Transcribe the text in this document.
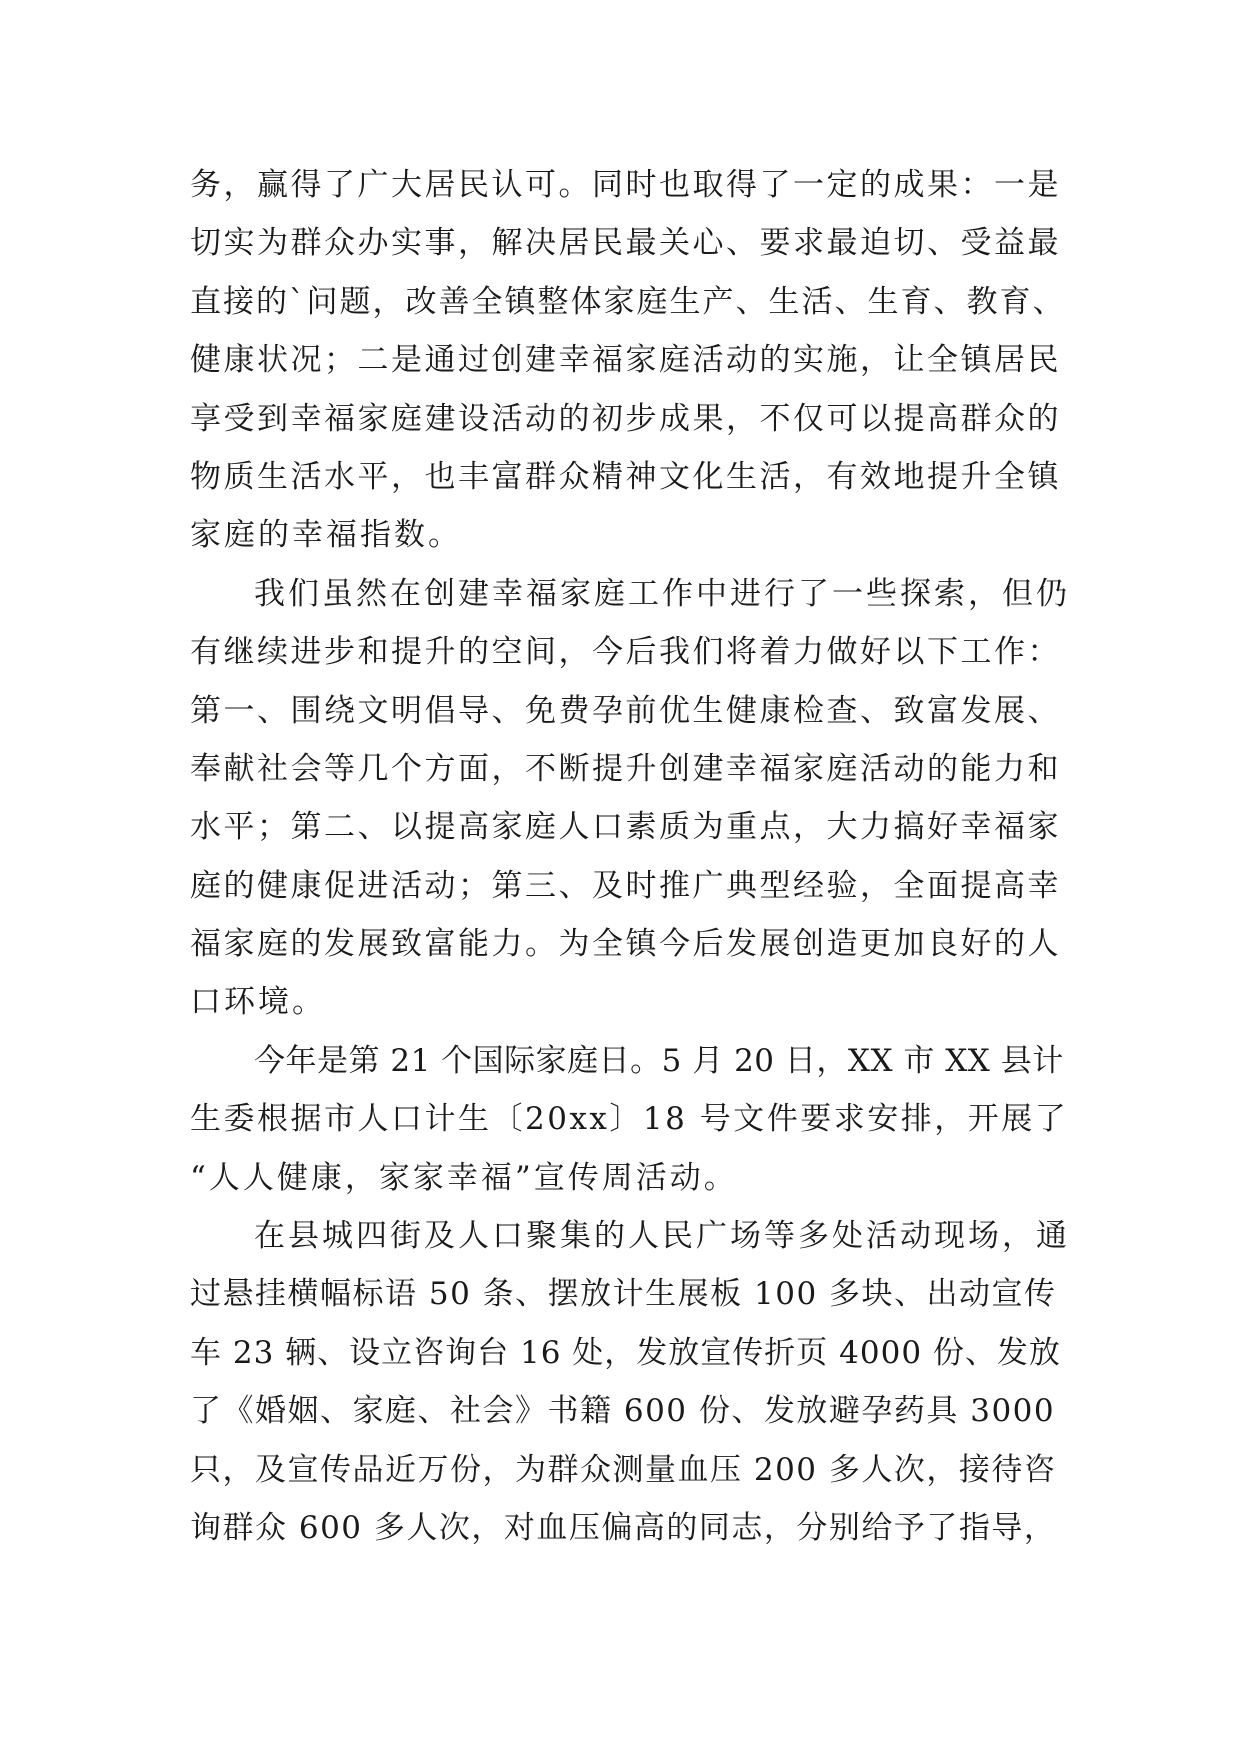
务，赢得了广大居民认可。同时也取得了一定的成果：一是
切实为群众办实事，解决居民最关心、要求最迫切、受益最
直接的`问题，改善全镇整体家庭生产、生活、生育、教育、
健康状况；二是通过创建幸福家庭活动的实施，让全镇居民
享受到幸福家庭建设活动的初步成果，不仅可以提高群众的
物质生活水平，也丰富群众精神文化生活，有效地提升全镇
家庭的幸福指数。
我们虽然在创建幸福家庭工作中进行了一些探索，但仍
有继续进步和提升的空间，今后我们将着力做好以下工作：
第一、围绕文明倡导、免费孕前优生健康检查、致富发展、
奉献社会等几个方面，不断提升创建幸福家庭活动的能力和
水平；第二、以提高家庭人口素质为重点，大力搞好幸福家
庭的健康促进活动；第三、及时推广典型经验，全面提高幸
福家庭的发展致富能力。为全镇今后发展创造更加良好的人
口环境。
今年是第 21 个国际家庭日。5 月 20 日，XX 市 XX 县计
生委根据市人口计生〔20xx〕18 号文件要求安排，开展了
“人人健康，家家幸福”宣传周活动。
在县城四街及人口聚集的人民广场等多处活动现场，通
过悬挂横幅标语 50 条、摆放计生展板 100 多块、出动宣传
车 23 辆、设立咨询台 16 处，发放宣传折页 4000 份、发放
了《婚姻、家庭、社会》书籍 600 份、发放避孕药具 3000
只，及宣传品近万份，为群众测量血压 200 多人次，接待咨
询群众 600 多人次，对血压偏高的同志，分别给予了指导，
